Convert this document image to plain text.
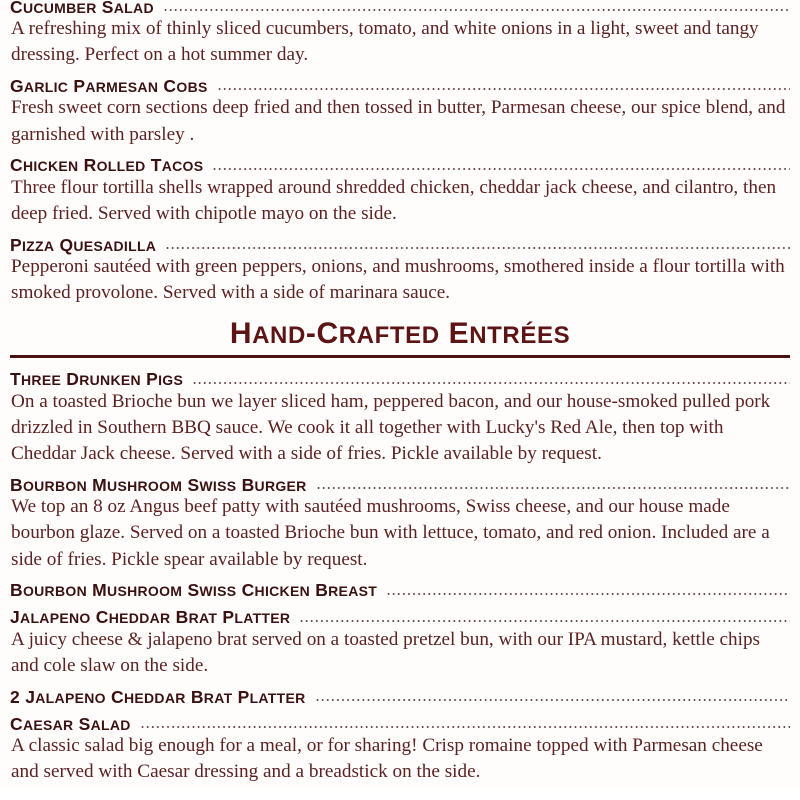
CUCUMBER SALAD

A refreshing mix of thinly sliced cucumbers, tomato, and white onions in a light, sweet and tangy dressing. Perfect on a hot summer day.

GARLIC PARMESAN COBS

Fresh sweet corn sections deep fried and then tossed in butter, Parmesan cheese, our spice blend, and garnished with parsley .

CHICKEN ROLLED TACOS

Three flour tortilla shells wrapped around shredded chicken, cheddar jack cheese, and cilantro, then deep fried. Served with chipotle mayo on the side.

PIZZA QUESADILLA

Pepperoni sautéed with green peppers, onions, and mushrooms, smothered inside a flour tortilla with smoked provolone. Served with a side of marinara sauce.

HAND-CRAFTED ENTRÉES
THREE DRUNKEN PIGS

On a toasted Brioche bun we layer sliced ham, peppered bacon, and our house-smoked pulled pork drizzled in Southern BBQ sauce. We cook it all together with Lucky's Red Ale, then top with Cheddar Jack cheese. Served with a side of fries. Pickle available by request.

BOURBON MUSHROOM SWISS BURGER

We top an 8 oz Angus beef patty with sautéed mushrooms, Swiss cheese, and our house made bourbon glaze. Served on a toasted Brioche bun with lettuce, tomato, and red onion. Included are a side of fries. Pickle spear available by request.

BOURBON MUSHROOM SWISS CHICKEN BREAST
JALAPENO CHEDDAR BRAT PLATTER

A juicy cheese & jalapeno brat served on a toasted pretzel bun, with our IPA mustard, kettle chips and cole slaw on the side.

2 JALAPENO CHEDDAR BRAT PLATTER
CAESAR SALAD

A classic salad big enough for a meal, or for sharing! Crisp romaine topped with Parmesan cheese and served with Caesar dressing and a breadstick on the side.
